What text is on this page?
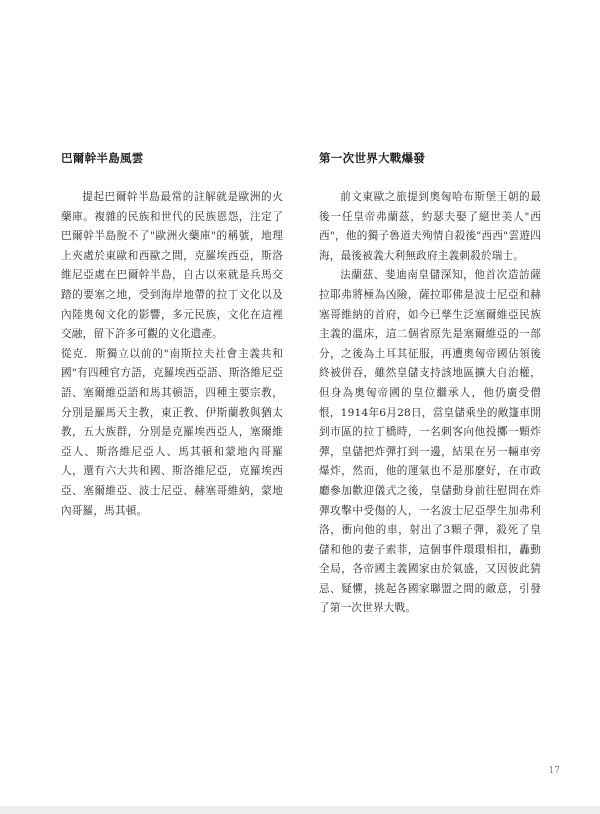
巴爾幹半島風雲

提起巴爾幹半島最常的註解就是歐洲的火藥庫。複雜的民族和世代的民族恩怨，注定了巴爾幹半島脫不了"歐洲火藥庫"的稱號，地理上夾處於東歐和西歐之間，克羅埃西亞，斯洛維尼亞處在巴爾幹半島，自古以來就是兵馬交踏的要塞之地，受到海岸地帶的拉丁文化以及內陸奧匈文化的影響，多元民族，文化在這裡交融，留下許多可觀的文化遺產。

從克．斯獨立以前的"南斯拉夫社會主義共和國"有四種官方語，克羅埃西亞語、斯洛維尼亞語、塞爾維亞語和馬其頓語，四種主要宗教，分別是羅馬天主教，東正教、伊斯蘭教與猶太教，五大族群，分別是克羅埃西亞人，塞爾維亞人、斯洛維尼亞人、馬其頓和蒙地內哥羅人，還有六大共和國、斯洛維尼亞，克羅埃西亞、塞爾維亞、波士尼亞、赫塞哥維納，蒙地內哥羅，馬其頓。

第一次世界大戰爆發

前文東歐之旅提到奧匈哈布斯堡王朝的最後一任皇帝弗蘭茲，約瑟夫娶了絕世美人"西西"，他的獨子魯道夫殉情自殺後"西西"雲遊四海，最後被義大利無政府主義刺殺於瑞士。

法蘭茲、斐迪南皇儲深知，他首次造訪薩拉耶弗將極為凶險，薩拉耶佛是波士尼亞和赫塞哥維納的首府，如今已孳生泛塞爾維亞民族主義的溫床，這二個省原先是塞爾維亞的一部分，之後為土耳其征服，再遭奧匈帝國佔領後終被併吞，雖然皇儲支持該地區擴大自治權，但身為奧匈帝國的皇位繼承人，他仍廣受僧恨，1914年6月28日，當皇儲乘坐的敞篷車開到市區的拉丁橋時，一名刺客向他投擲一顆炸彈，皇儲把炸彈打到一邊，結果在另一輛車旁爆炸，然而，他的運氣也不是那麼好，在市政廳參加歡迎儀式之後，皇儲動身前往慰問在炸彈攻擊中受傷的人，一名波士尼亞學生加弗利洛，衝向他的車，射出了3顆子彈，殺死了皇儲和他的妻子索菲，這個事件環環相扣，轟動全局，各帝國主義國家由於氣盛，又因彼此猜忌、疑懼，挑起各國家聯盟之間的敵意，引發了第一次世界大戰。

17
